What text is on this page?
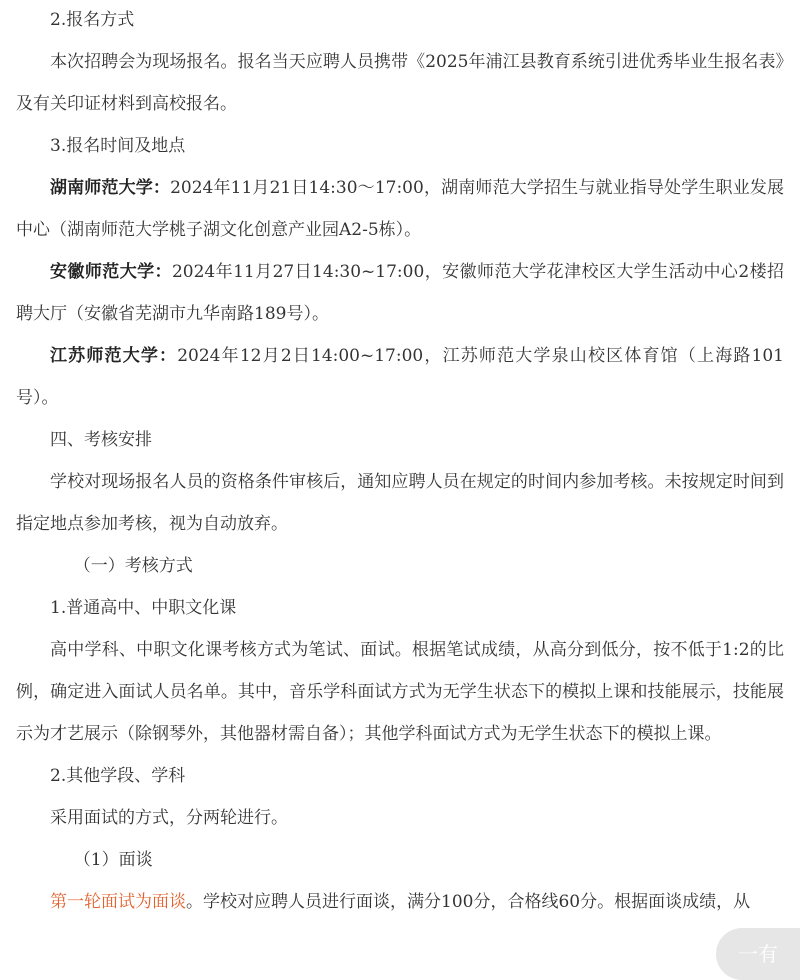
2.报名方式

本次招聘会为现场报名。报名当天应聘人员携带《2025年浦江县教育系统引进优秀毕业生报名表》及有关印证材料到高校报名。

3.报名时间及地点

湖南师范大学：2024年11月21日14:30～17:00，湖南师范大学招生与就业指导处学生职业发展中心（湖南师范大学桃子湖文化创意产业园A2-5栋）。

安徽师范大学：2024年11月27日14:30~17:00，安徽师范大学花津校区大学生活动中心2楼招聘大厅（安徽省芜湖市九华南路189号）。

江苏师范大学：2024年12月2日14:00~17:00，江苏师范大学泉山校区体育馆（上海路101号）。

四、考核安排

学校对现场报名人员的资格条件审核后，通知应聘人员在规定的时间内参加考核。未按规定时间到指定地点参加考核，视为自动放弃。

（一）考核方式

1.普通高中、中职文化课

高中学科、中职文化课考核方式为笔试、面试。根据笔试成绩，从高分到低分，按不低于1:2的比例，确定进入面试人员名单。其中，音乐学科面试方式为无学生状态下的模拟上课和技能展示，技能展示为才艺展示（除钢琴外，其他器材需自备）；其他学科面试方式为无学生状态下的模拟上课。

2.其他学段、学科

采用面试的方式，分两轮进行。

（1）面谈

第一轮面试为面谈。学校对应聘人员进行面谈，满分100分，合格线60分。根据面谈成绩，从

一有
